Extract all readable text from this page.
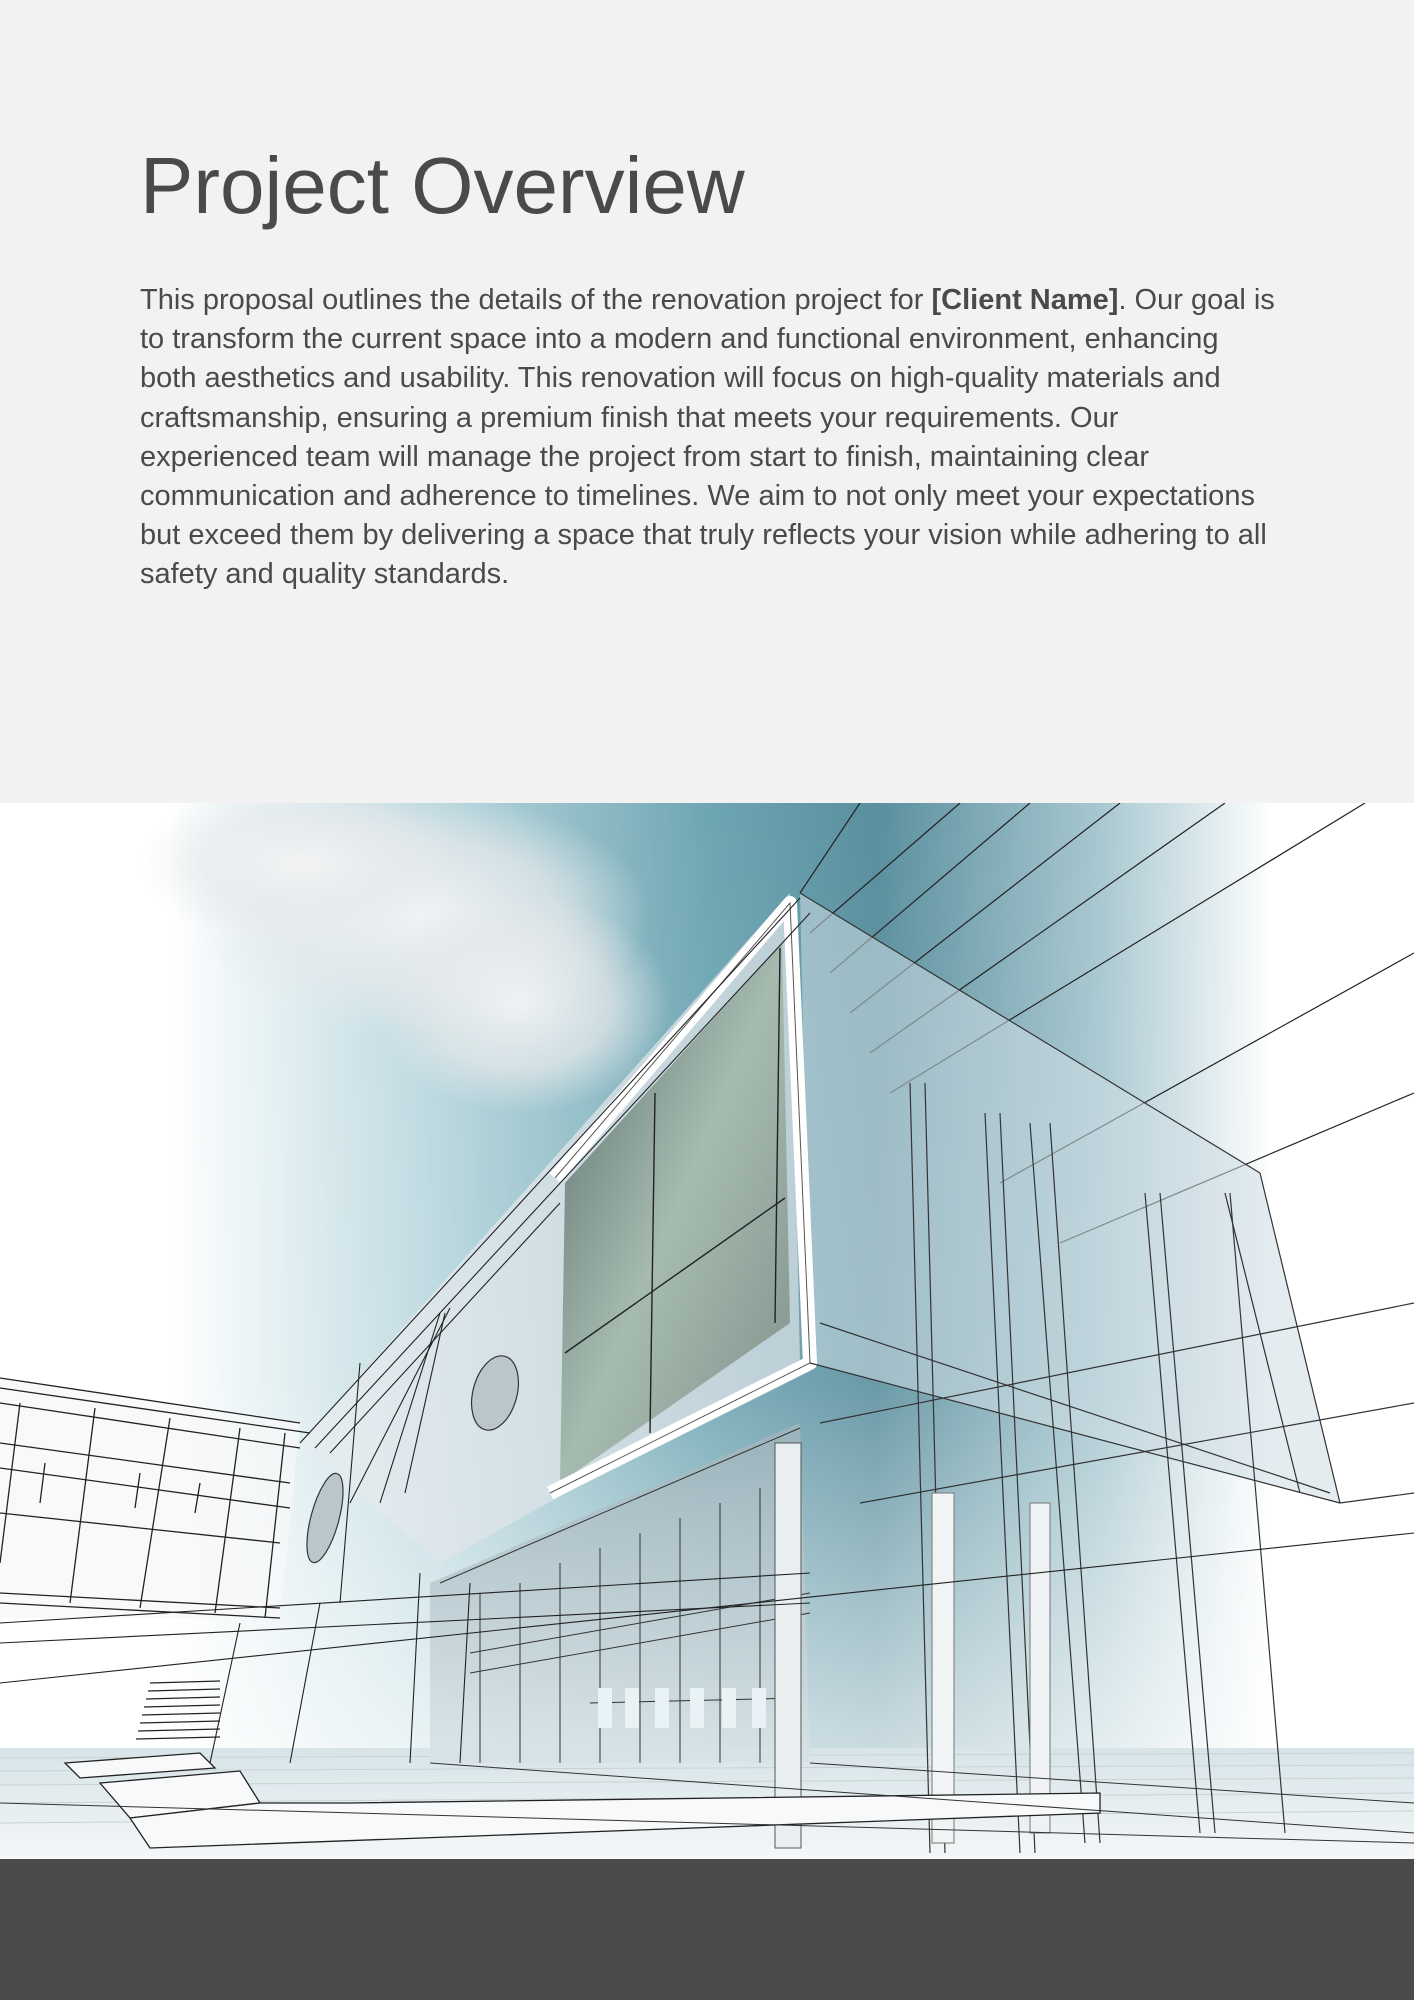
Project Overview

This proposal outlines the details of the renovation project for [Client Name]. Our goal is to transform the current space into a modern and functional environment, enhancing both aesthetics and usability. This renovation will focus on high-quality materials and craftsmanship, ensuring a premium finish that meets your requirements. Our experienced team will manage the project from start to finish, maintaining clear communication and adherence to timelines. We aim to not only meet your expectations but exceed them by delivering a space that truly reflects your vision while adhering to all safety and quality standards.
